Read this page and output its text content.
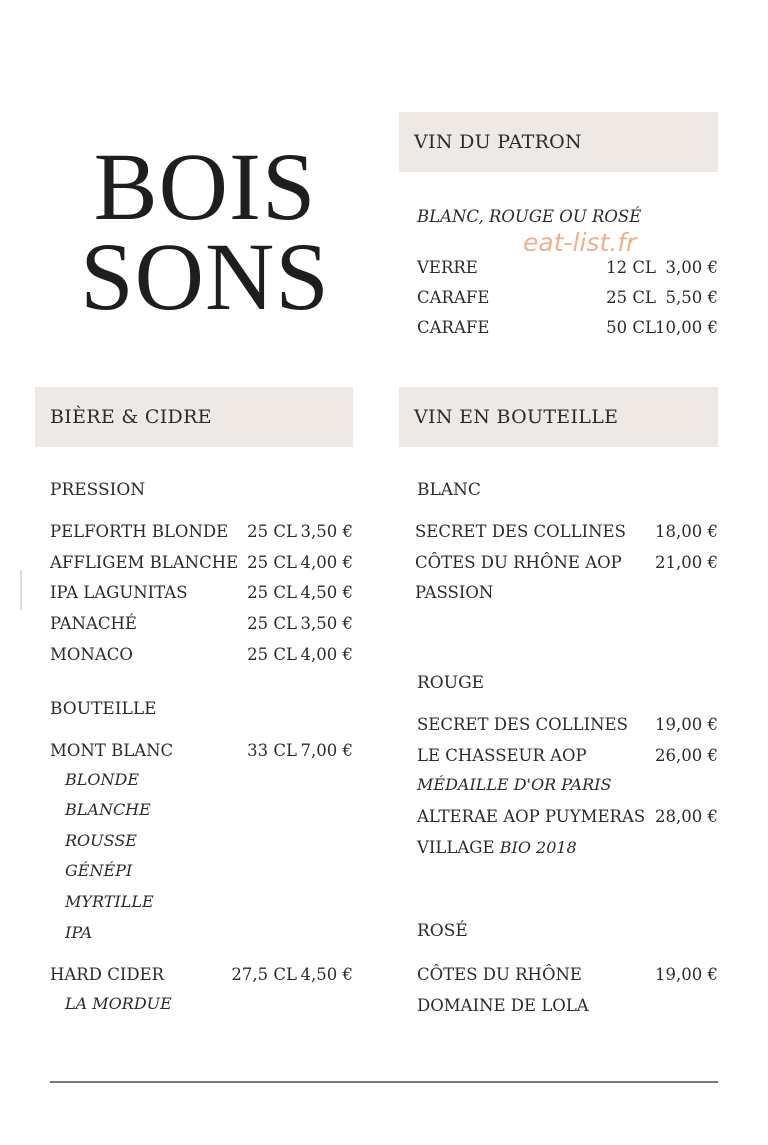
BOIS
SONS
VIN DU PATRON
BLANC, ROUGE OU ROSÉ
eat-list.fr
VERRE	12 CL 3,00 €
CARAFE	25 CL 5,50 €
CARAFE	50 CL 10,00 €
BIÈRE & CIDRE
PRESSION
PELFORTH BLONDE 25 CL 3,50 €
AFFLIGEM BLANCHE 25 CL 4,00 €
IPA LAGUNITAS	25 CL 4,50 €
PANACHÉ	25 CL 3,50 €
MONACO	25 CL 4,00 €
BOUTEILLE
MONT BLANC	33 CL 7,00 €
BLONDE
BLANCHE
ROUSSE
GÉNÉPI
MYRTILLE
IPA
HARD CIDER	27,5 CL 4,50 €
LA MORDUE
VIN EN BOUTEILLE
BLANC
SECRET DES COLLINES 18,00 €
CÔTES DU RHÔNE AOP 21,00 €
PASSION
ROUGE
SECRET DES COLLINES 19,00 €
LE CHASSEUR AOP	26,00 €
MÉDAILLE D'OR PARIS
ALTERAE AOP PUYMERAS 28,00 €
VILLAGE BIO 2018
ROSÉ
CÔTES DU RHÔNE	19,00 €
DOMAINE DE LOLA
